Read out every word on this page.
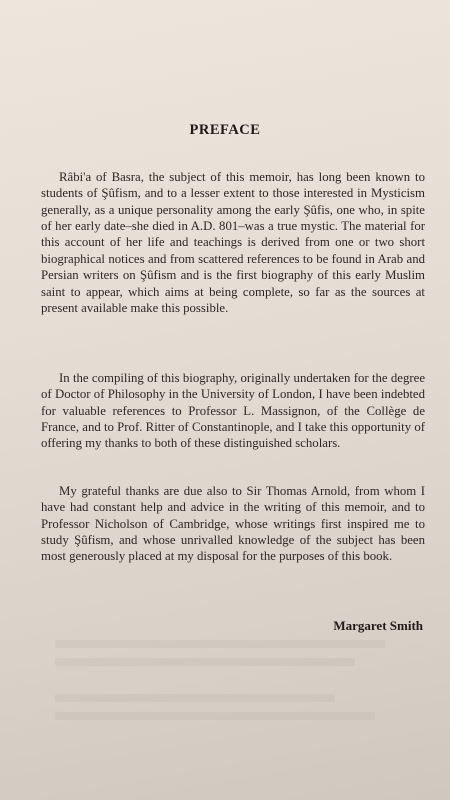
PREFACE

Râbi'a of Basra, the subject of this memoir, has long been known to students of Şûfism, and to a lesser extent to those interested in Mysticism generally, as a unique personality among the early Şûfis, one who, in spite of her early date–she died in A.D. 801–was a true mystic. The material for this account of her life and teachings is derived from one or two short biographical notices and from scattered references to be found in Arab and Persian writers on Şûfism and is the first biography of this early Muslim saint to appear, which aims at being complete, so far as the sources at present available make this possible.

In the compiling of this biography, originally undertaken for the degree of Doctor of Philosophy in the University of London, I have been indebted for valuable references to Professor L. Massignon, of the Collège de France, and to Prof. Ritter of Constantinople, and I take this opportunity of offering my thanks to both of these distinguished scholars.

My grateful thanks are due also to Sir Thomas Arnold, from whom I have had constant help and advice in the writing of this memoir, and to Professor Nicholson of Cambridge, whose writings first inspired me to study Şûfism, and whose unrivalled knowledge of the subject has been most generously placed at my disposal for the purposes of this book.

Margaret Smith
